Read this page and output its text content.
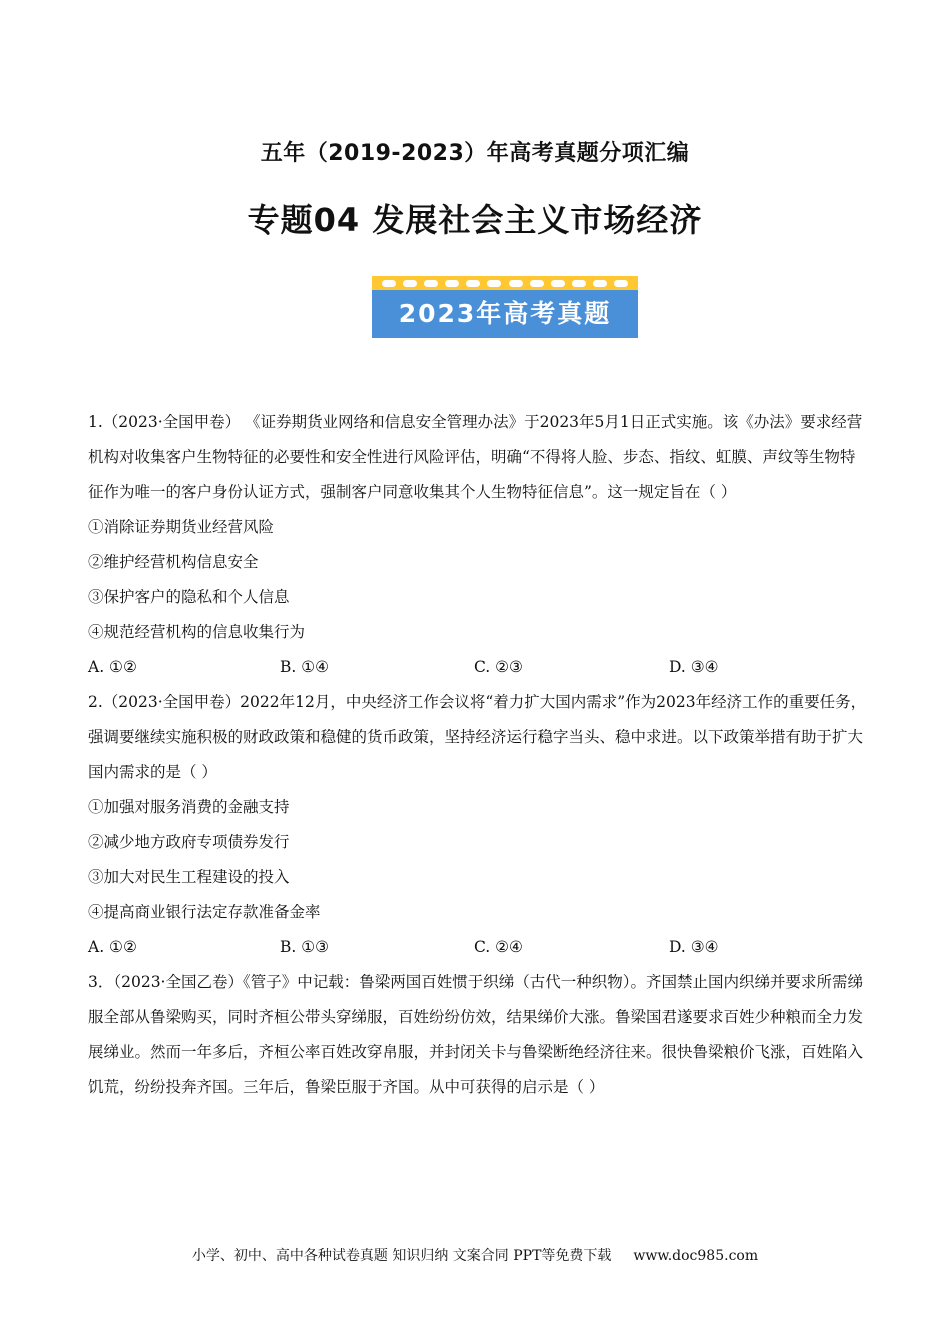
五年（2019-2023）年高考真题分项汇编
专题04 发展社会主义市场经济
2023年高考真题

1.（2023·全国甲卷） 《证券期货业网络和信息安全管理办法》于2023年5月1日正式实施。该《办法》要求经营机构对收集客户生物特征的必要性和安全性进行风险评估，明确“不得将人脸、步态、指纹、虹膜、声纹等生物特征作为唯一的客户身份认证方式，强制客户同意收集其个人生物特征信息”。这一规定旨在（ ）

①消除证券期货业经营风险

②维护经营机构信息安全

③保护客户的隐私和个人信息

④规范经营机构的信息收集行为

A. ①②	B. ①④	C. ②③	D. ③④

2.（2023·全国甲卷）2022年12月，中央经济工作会议将“着力扩大国内需求”作为2023年经济工作的重要任务，强调要继续实施积极的财政政策和稳健的货币政策，坚持经济运行稳字当头、稳中求进。以下政策举措有助于扩大国内需求的是（ ）

①加强对服务消费的金融支持

②减少地方政府专项债券发行

③加大对民生工程建设的投入

④提高商业银行法定存款准备金率

A. ①②	B. ①③	C. ②④	D. ③④

3．（2023·全国乙卷）《管子》中记载：鲁梁两国百姓惯于织绨（古代一种织物）。齐国禁止国内织绨并要求所需绨服全部从鲁梁购买，同时齐桓公带头穿绨服，百姓纷纷仿效，结果绨价大涨。鲁梁国君遂要求百姓少种粮而全力发展绨业。然而一年多后，齐桓公率百姓改穿帛服，并封闭关卡与鲁梁断绝经济往来。很快鲁梁粮价飞涨，百姓陷入饥荒，纷纷投奔齐国。三年后，鲁梁臣服于齐国。从中可获得的启示是（ ）

小学、初中、高中各种试卷真题 知识归纳 文案合同 PPT等免费下载 www.doc985.com
